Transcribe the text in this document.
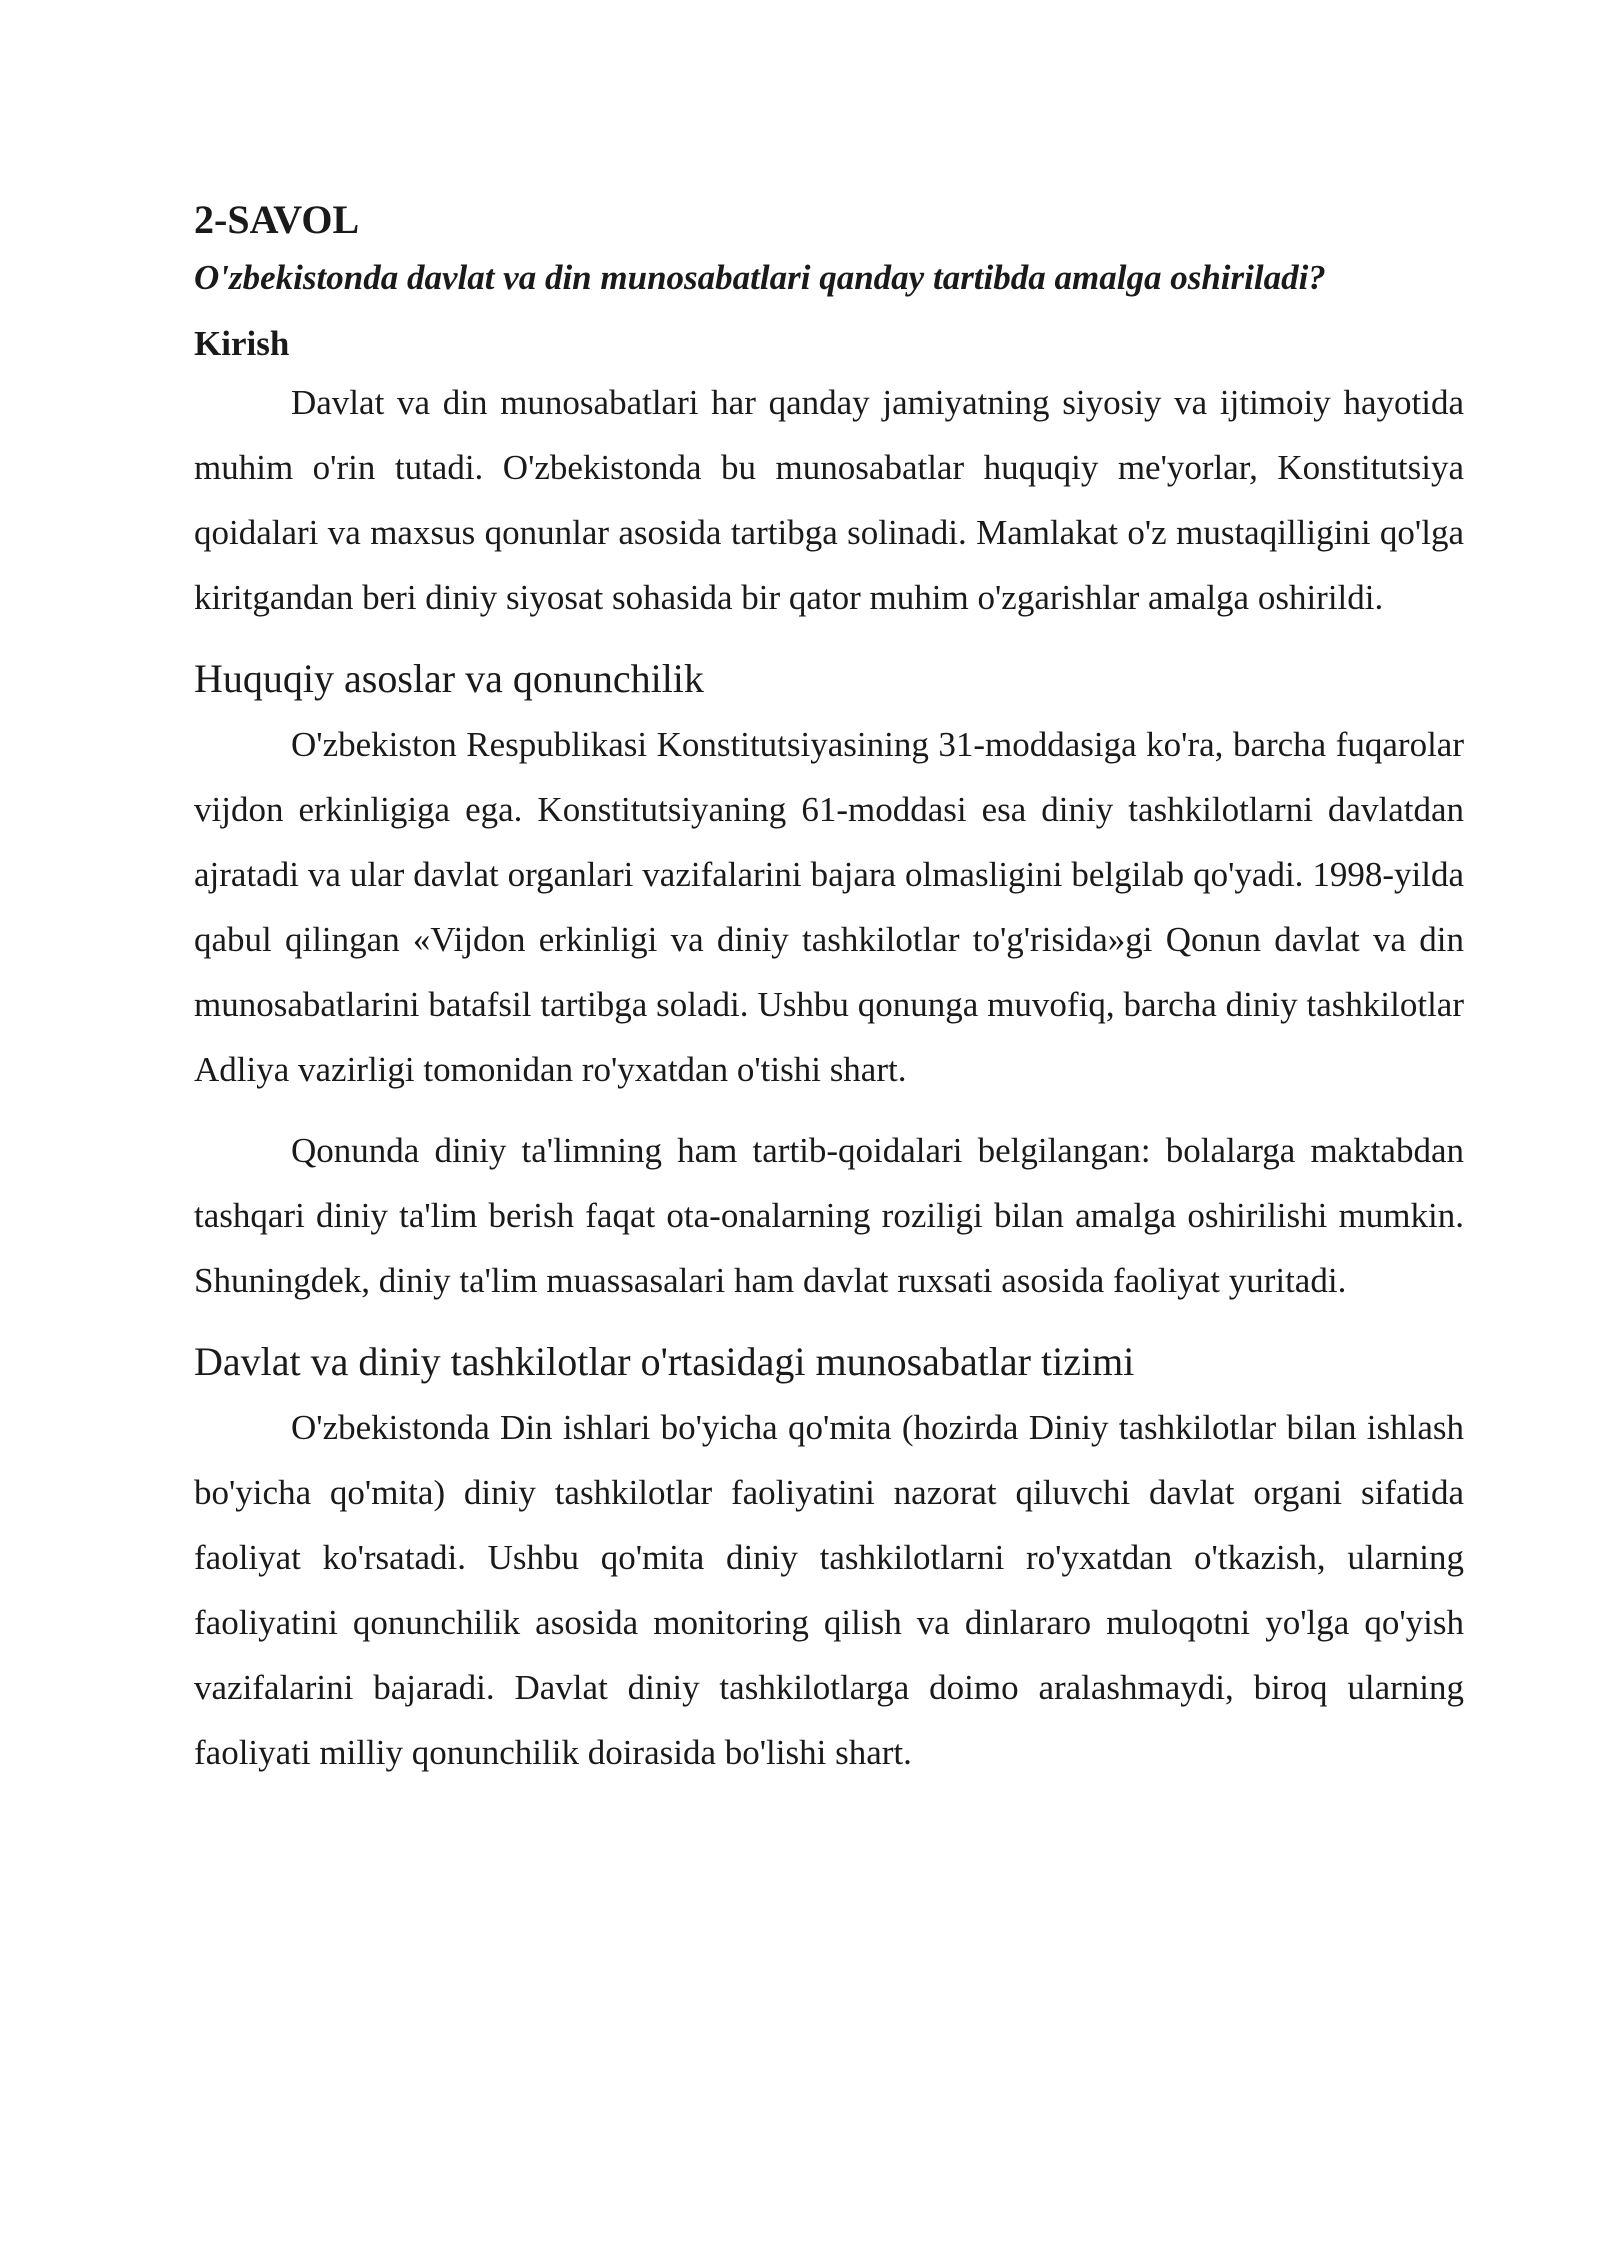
2-SAVOL
O'zbekistonda davlat va din munosabatlari qanday tartibda amalga oshiriladi?
Kirish

Davlat va din munosabatlari har qanday jamiyatning siyosiy va ijtimoiy hayotida muhim o'rin tutadi. O'zbekistonda bu munosabatlar huquqiy me'yorlar, Konstitutsiya qoidalari va maxsus qonunlar asosida tartibga solinadi. Mamlakat o'z mustaqilligini qo'lga kiritgandan beri diniy siyosat sohasida bir qator muhim o'zgarishlar amalga oshirildi.

Huquqiy asoslar va qonunchilik

O'zbekiston Respublikasi Konstitutsiyasining 31-moddasiga ko'ra, barcha fuqarolar vijdon erkinligiga ega. Konstitutsiyaning 61-moddasi esa diniy tashkilotlarni davlatdan ajratadi va ular davlat organlari vazifalarini bajara olmasligini belgilab qo'yadi. 1998-yilda qabul qilingan «Vijdon erkinligi va diniy tashkilotlar to'g'risida»gi Qonun davlat va din munosabatlarini batafsil tartibga soladi. Ushbu qonunga muvofiq, barcha diniy tashkilotlar Adliya vazirligi tomonidan ro'yxatdan o'tishi shart.

Qonunda diniy ta'limning ham tartib-qoidalari belgilangan: bolalarga maktabdan tashqari diniy ta'lim berish faqat ota-onalarning roziligi bilan amalga oshirilishi mumkin. Shuningdek, diniy ta'lim muassasalari ham davlat ruxsati asosida faoliyat yuritadi.

Davlat va diniy tashkilotlar o'rtasidagi munosabatlar tizimi

O'zbekistonda Din ishlari bo'yicha qo'mita (hozirda Diniy tashkilotlar bilan ishlash bo'yicha qo'mita) diniy tashkilotlar faoliyatini nazorat qiluvchi davlat organi sifatida faoliyat ko'rsatadi. Ushbu qo'mita diniy tashkilotlarni ro'yxatdan o'tkazish, ularning faoliyatini qonunchilik asosida monitoring qilish va dinlararo muloqotni yo'lga qo'yish vazifalarini bajaradi. Davlat diniy tashkilotlarga doimo aralashmaydi, biroq ularning faoliyati milliy qonunchilik doirasida bo'lishi shart.
